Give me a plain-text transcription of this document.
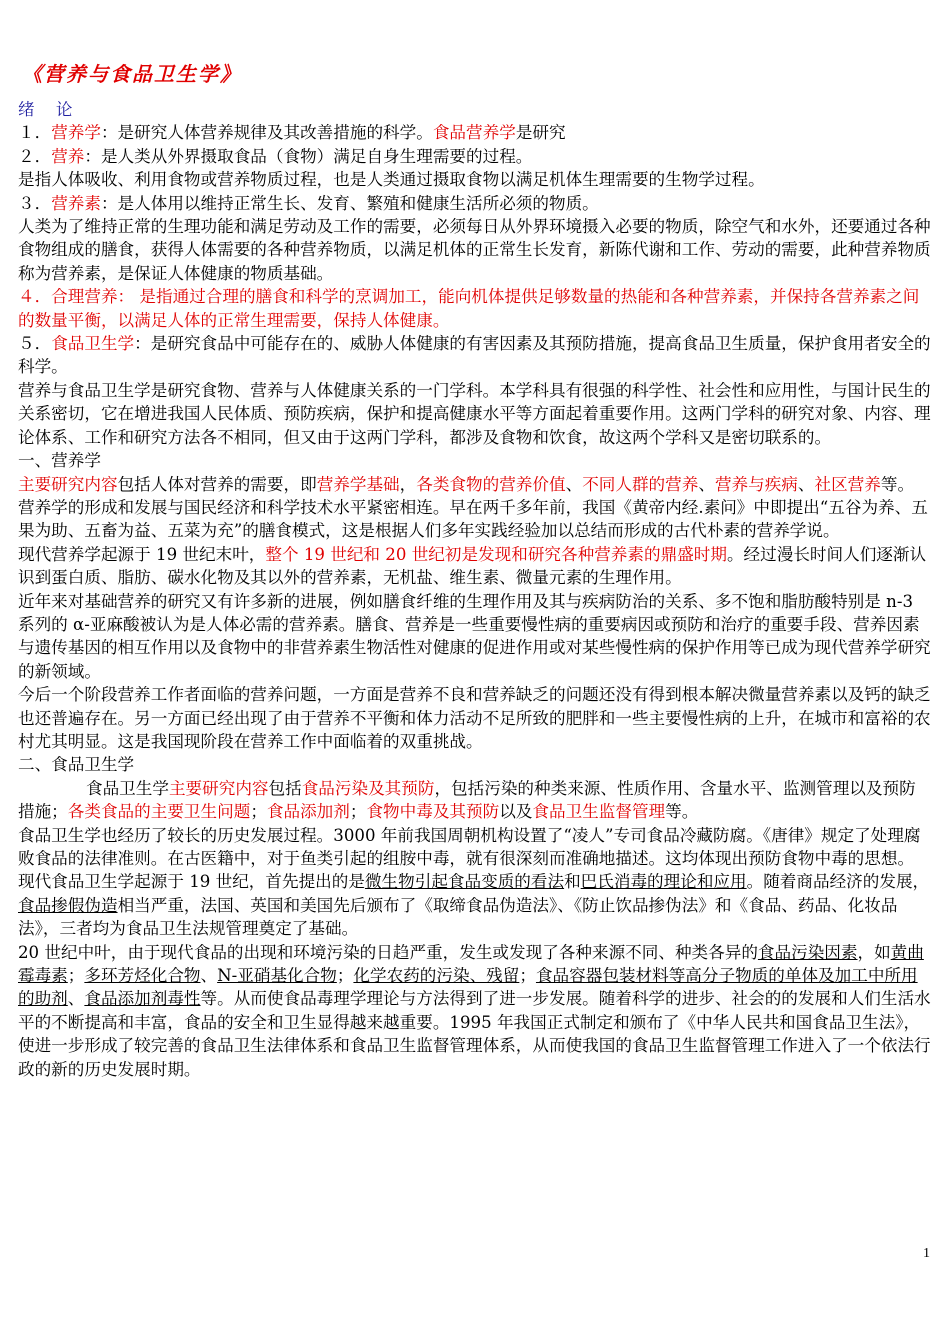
《营养与食品卫生学》

绪 论

１．营养学：是研究人体营养规律及其改善措施的科学。食品营养学是研究

２．营养：是人类从外界摄取食品（食物）满足自身生理需要的过程。

是指人体吸收、利用食物或营养物质过程，也是人类通过摄取食物以满足机体生理需要的生物学过程。

３．营养素：是人体用以维持正常生长、发育、繁殖和健康生活所必须的物质。

人类为了维持正常的生理功能和满足劳动及工作的需要，必须每日从外界环境摄入必要的物质，除空气和水外，还要通过各种食物组成的膳食，获得人体需要的各种营养物质，以满足机体的正常生长发育，新陈代谢和工作、劳动的需要，此种营养物质称为营养素，是保证人体健康的物质基础。

４．合理营养： 是指通过合理的膳食和科学的烹调加工，能向机体提供足够数量的热能和各种营养素，并保持各营养素之间的数量平衡，以满足人体的正常生理需要，保持人体健康。

５．食品卫生学：是研究食品中可能存在的、威胁人体健康的有害因素及其预防措施，提高食品卫生质量，保护食用者安全的科学。

营养与食品卫生学是研究食物、营养与人体健康关系的一门学科。本学科具有很强的科学性、社会性和应用性，与国计民生的关系密切，它在增进我国人民体质、预防疾病，保护和提高健康水平等方面起着重要作用。这两门学科的研究对象、内容、理论体系、工作和研究方法各不相同，但又由于这两门学科，都涉及食物和饮食，故这两个学科又是密切联系的。

一、营养学

主要研究内容包括人体对营养的需要，即营养学基础，各类食物的营养价值、不同人群的营养、营养与疾病、社区营养等。

营养学的形成和发展与国民经济和科学技术水平紧密相连。早在两千多年前，我国《黄帝内经.素问》中即提出“五谷为养、五果为助、五畜为益、五菜为充”的膳食模式，这是根据人们多年实践经验加以总结而形成的古代朴素的营养学说。

现代营养学起源于 19 世纪末叶，整个 19 世纪和 20 世纪初是发现和研究各种营养素的鼎盛时期。经过漫长时间人们逐渐认识到蛋白质、脂肪、碳水化物及其以外的营养素，无机盐、维生素、微量元素的生理作用。

近年来对基础营养的研究又有许多新的进展，例如膳食纤维的生理作用及其与疾病防治的关系、多不饱和脂肪酸特别是 n-3 系列的 α-亚麻酸被认为是人体必需的营养素。膳食、营养是一些重要慢性病的重要病因或预防和治疗的重要手段、营养因素与遗传基因的相互作用以及食物中的非营养素生物活性对健康的促进作用或对某些慢性病的保护作用等已成为现代营养学研究的新领域。

今后一个阶段营养工作者面临的营养问题，一方面是营养不良和营养缺乏的问题还没有得到根本解决微量营养素以及钙的缺乏也还普遍存在。另一方面已经出现了由于营养不平衡和体力活动不足所致的肥胖和一些主要慢性病的上升，在城市和富裕的农村尤其明显。这是我国现阶段在营养工作中面临着的双重挑战。

二、食品卫生学

食品卫生学主要研究内容包括食品污染及其预防，包括污染的种类来源、性质作用、含量水平、监测管理以及预防措施；各类食品的主要卫生问题；食品添加剂；食物中毒及其预防以及食品卫生监督管理等。

食品卫生学也经历了较长的历史发展过程。3000 年前我国周朝机构设置了“凌人”专司食品冷藏防腐。《唐律》规定了处理腐败食品的法律准则。在古医籍中，对于鱼类引起的组胺中毒，就有很深刻而准确地描述。这均体现出预防食物中毒的思想。

现代食品卫生学起源于 19 世纪，首先提出的是微生物引起食品变质的看法和巴氏消毒的理论和应用。随着商品经济的发展，食品掺假伪造相当严重，法国、英国和美国先后颁布了《取缔食品伪造法》、《防止饮品掺伪法》和《食品、药品、化妆品法》，三者均为食品卫生法规管理奠定了基础。

20 世纪中叶，由于现代食品的出现和环境污染的日趋严重，发生或发现了各种来源不同、种类各异的食品污染因素，如黄曲霉毒素；多环芳烃化合物、N-亚硝基化合物；化学农药的污染、残留；食品容器包装材料等高分子物质的单体及加工中所用的助剂、食品添加剂毒性等。从而使食品毒理学理论与方法得到了进一步发展。随着科学的进步、社会的的发展和人们生活水平的不断提高和丰富，食品的安全和卫生显得越来越重要。1995 年我国正式制定和颁布了《中华人民共和国食品卫生法》，使进一步形成了较完善的食品卫生法律体系和食品卫生监督管理体系，从而使我国的食品卫生监督管理工作进入了一个依法行政的新的历史发展时期。

1
